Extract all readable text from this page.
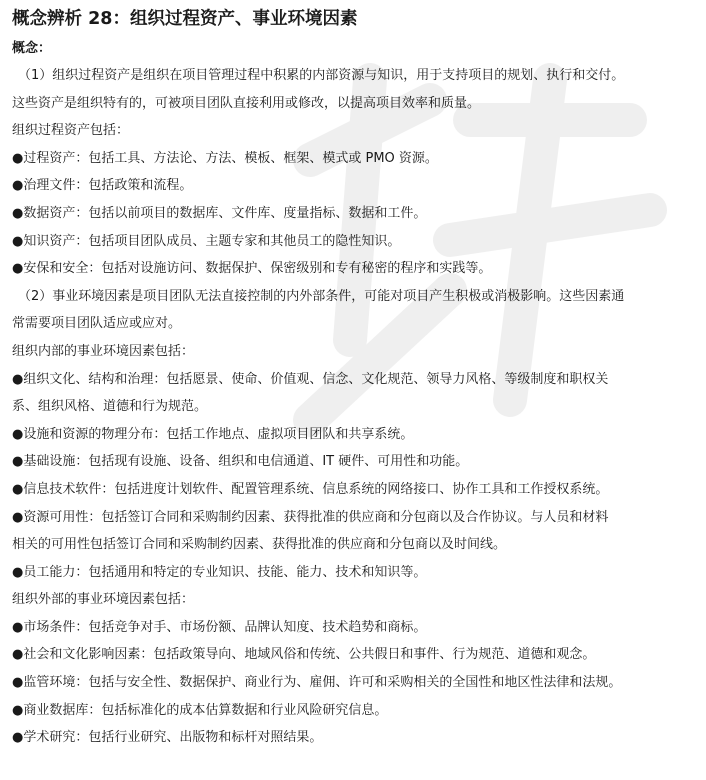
概念辨析 28：组织过程资产、事业环境因素
概念：
（1）组织过程资产是组织在项目管理过程中积累的内部资源与知识，用于支持项目的规划、执行和交付。
这些资产是组织特有的，可被项目团队直接利用或修改，以提高项目效率和质量。
组织过程资产包括：
●过程资产：包括工具、方法论、方法、模板、框架、模式或 PMO 资源。
●治理文件：包括政策和流程。
●数据资产：包括以前项目的数据库、文件库、度量指标、数据和工件。
●知识资产：包括项目团队成员、主题专家和其他员工的隐性知识。
●安保和安全：包括对设施访问、数据保护、保密级别和专有秘密的程序和实践等。
（2）事业环境因素是项目团队无法直接控制的内外部条件，可能对项目产生积极或消极影响。这些因素通
常需要项目团队适应或应对。
组织内部的事业环境因素包括：
●组织文化、结构和治理：包括愿景、使命、价值观、信念、文化规范、领导力风格、等级制度和职权关
系、组织风格、道德和行为规范。
●设施和资源的物理分布：包括工作地点、虚拟项目团队和共享系统。
●基础设施：包括现有设施、设备、组织和电信通道、IT 硬件、可用性和功能。
●信息技术软件：包括进度计划软件、配置管理系统、信息系统的网络接口、协作工具和工作授权系统。
●资源可用性：包括签订合同和采购制约因素、获得批准的供应商和分包商以及合作协议。与人员和材料
相关的可用性包括签订合同和采购制约因素、获得批准的供应商和分包商以及时间线。
●员工能力：包括通用和特定的专业知识、技能、能力、技术和知识等。
组织外部的事业环境因素包括：
●市场条件：包括竞争对手、市场份额、品牌认知度、技术趋势和商标。
●社会和文化影响因素：包括政策导向、地域风俗和传统、公共假日和事件、行为规范、道德和观念。
●监管环境：包括与安全性、数据保护、商业行为、雇佣、许可和采购相关的全国性和地区性法律和法规。
●商业数据库：包括标准化的成本估算数据和行业风险研究信息。
●学术研究：包括行业研究、出版物和标杆对照结果。
